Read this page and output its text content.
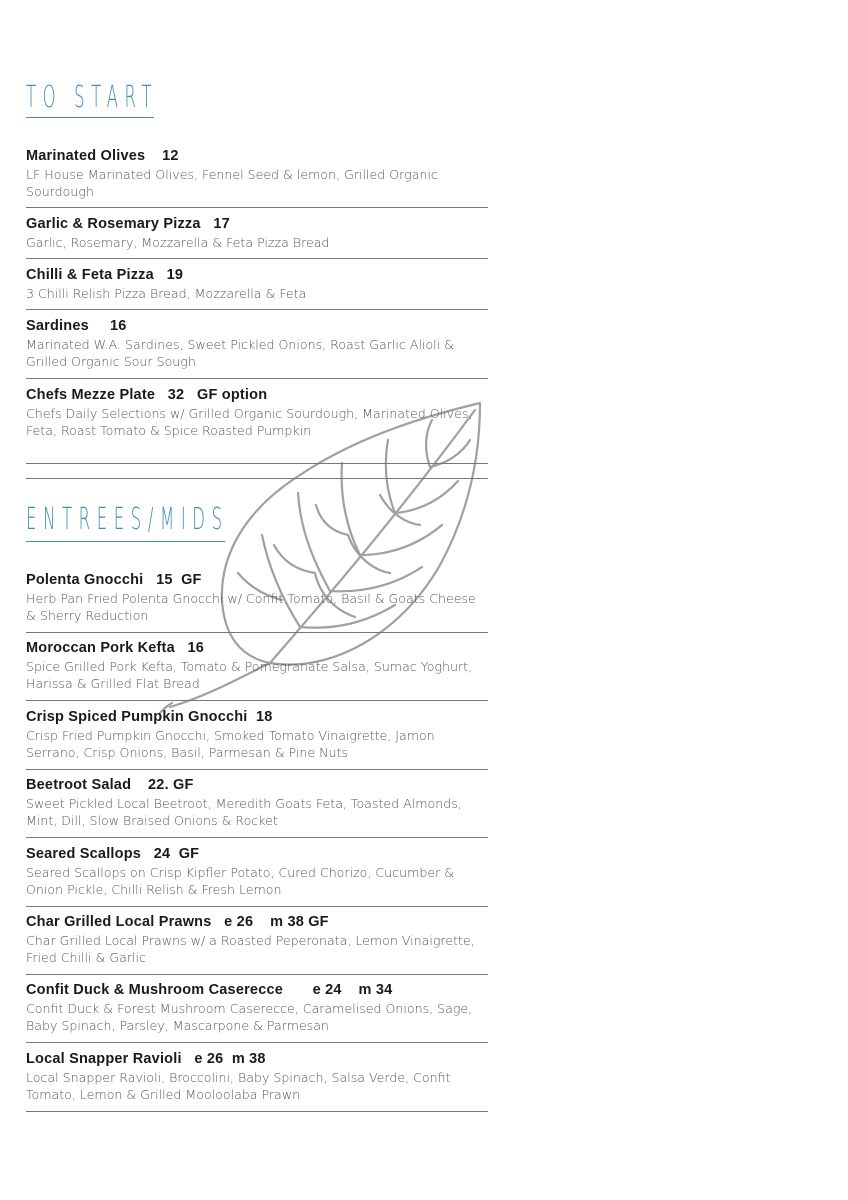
TO START
Marinated Olives    12
LF House Marinated Olives, Fennel Seed & lemon, Grilled Organic Sourdough
Garlic & Rosemary Pizza   17
Garlic, Rosemary, Mozzarella & Feta Pizza Bread
Chilli & Feta Pizza   19
3 Chilli Relish Pizza Bread, Mozzarella & Feta
Sardines     16
Marinated W.A. Sardines, Sweet Pickled Onions, Roast Garlic Alioli & Grilled Organic Sour Sough
Chefs Mezze Plate   32   GF option
Chefs Daily Selections w/ Grilled Organic Sourdough, Marinated Olives, Feta, Roast Tomato & Spice Roasted Pumpkin
ENTREES/MIDS
Polenta Gnocchi   15  GF
Herb Pan Fried Polenta Gnocchi w/ Confit Tomato, Basil & Goats Cheese & Sherry Reduction
Moroccan Pork Kefta   16
Spice Grilled Pork Kefta, Tomato & Pomegranate Salsa, Sumac Yoghurt, Harissa & Grilled Flat Bread
Crisp Spiced Pumpkin Gnocchi  18
Crisp Fried Pumpkin Gnocchi, Smoked Tomato Vinaigrette, Jamon Serrano, Crisp Onions, Basil, Parmesan & Pine Nuts
Beetroot Salad    22. GF
Sweet Pickled Local Beetroot, Meredith Goats Feta, Toasted Almonds, Mint, Dill, Slow Braised Onions & Rocket
Seared Scallops   24  GF
Seared Scallops on Crisp Kipfler Potato, Cured Chorizo, Cucumber & Onion Pickle, Chilli Relish & Fresh Lemon
Char Grilled Local Prawns   e 26    m 38 GF
Char Grilled Local Prawns w/ a Roasted Peperonata, Lemon Vinaigrette, Fried Chilli & Garlic
Confit Duck & Mushroom Caserecce       e 24    m 34
Confit Duck & Forest Mushroom Caserecce, Caramelised Onions, Sage, Baby Spinach, Parsley, Mascarpone & Parmesan
Local Snapper Ravioli   e 26  m 38
Local Snapper Ravioli, Broccolini, Baby Spinach, Salsa Verde, Confit Tomato, Lemon & Grilled Mooloolaba Prawn
